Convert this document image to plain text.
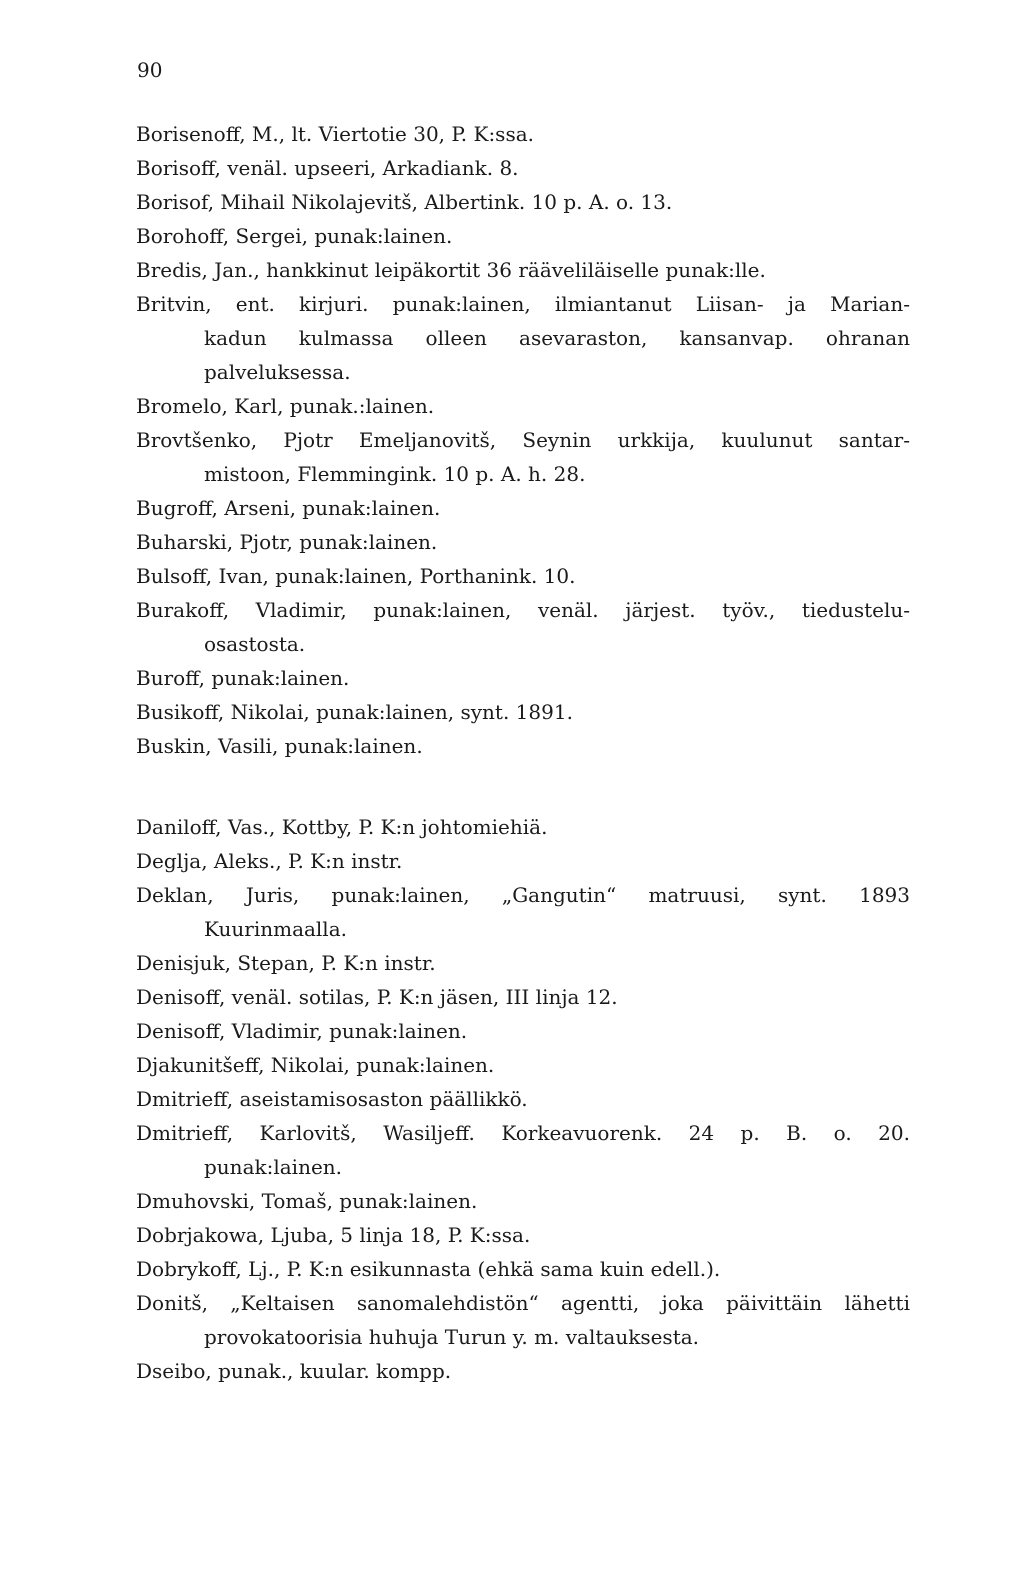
90
Borisenoff, M., lt. Viertotie 30, P. K:ssa.
Borisoff, venäl. upseeri, Arkadiank. 8.
Borisof, Mihail Nikolajevitš, Albertink. 10 p. A. o. 13.
Borohoff, Sergei, punak:lainen.
Bredis, Jan., hankkinut leipäkortit 36 rääveliläiselle punak:lle.
Britvin, ent. kirjuri. punak:lainen, ilmiantanut Liisan- ja Marian-
kadun kulmassa olleen asevaraston, kansanvap. ohranan
palveluksessa.
Bromelo, Karl, punak.:lainen.
Brovtšenko, Pjotr Emeljanovitš, Seynin urkkija, kuulunut santar-
mistoon, Flemmingink. 10 p. A. h. 28.
Bugroff, Arseni, punak:lainen.
Buharski, Pjotr, punak:lainen.
Bulsoff, Ivan, punak:lainen, Porthanink. 10.
Burakoff, Vladimir, punak:lainen, venäl. järjest. työv., tiedustelu-
osastosta.
Buroff, punak:lainen.
Busikoff, Nikolai, punak:lainen, synt. 1891.
Buskin, Vasili, punak:lainen.
Daniloff, Vas., Kottby, P. K:n johtomiehiä.
Deglja, Aleks., P. K:n instr.
Deklan, Juris, punak:lainen, „Gangutin“ matruusi, synt. 1893
Kuurinmaalla.
Denisjuk, Stepan, P. K:n instr.
Denisoff, venäl. sotilas, P. K:n jäsen, III linja 12.
Denisoff, Vladimir, punak:lainen.
Djakunitšeff, Nikolai, punak:lainen.
Dmitrieff, aseistamisosaston päällikkö.
Dmitrieff, Karlovitš, Wasiljeff. Korkeavuorenk. 24 p. B. o. 20.
punak:lainen.
Dmuhovski, Tomaš, punak:lainen.
Dobrjakowa, Ljuba, 5 linja 18, P. K:ssa.
Dobrykoff, Lj., P. K:n esikunnasta (ehkä sama kuin edell.).
Donitš, „Keltaisen sanomalehdistön“ agentti, joka päivittäin lähetti
provokatoorisia huhuja Turun y. m. valtauksesta.
Dseibo, punak., kuular. kompp.
